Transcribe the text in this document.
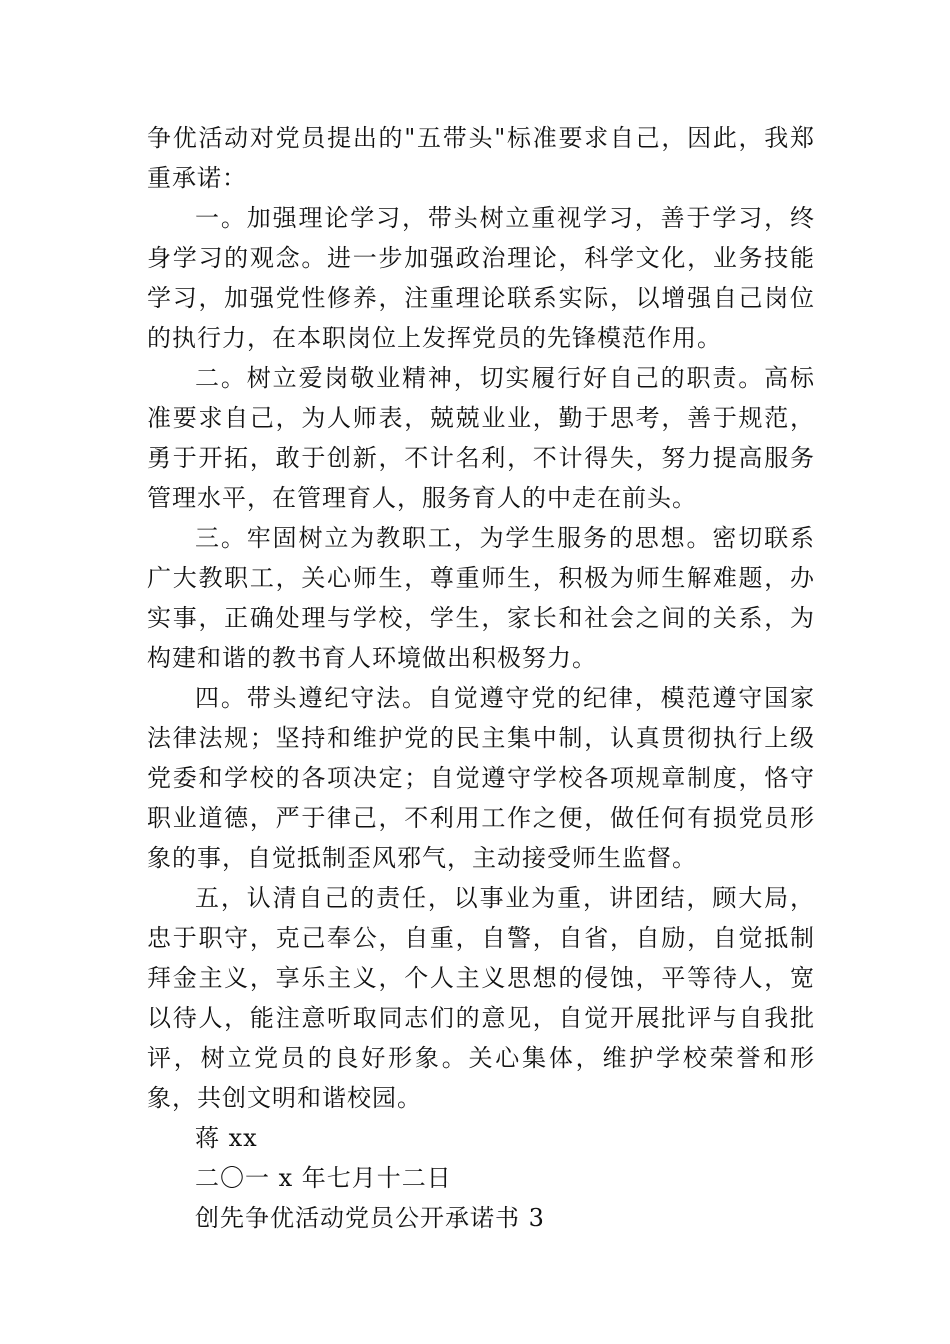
争优活动对党员提出的"五带头"标准要求自己，因此，我郑重承诺：

一。加强理论学习，带头树立重视学习，善于学习，终身学习的观念。进一步加强政治理论，科学文化，业务技能学习，加强党性修养，注重理论联系实际，以增强自己岗位的执行力，在本职岗位上发挥党员的先锋模范作用。

二。树立爱岗敬业精神，切实履行好自己的职责。高标准要求自己，为人师表，兢兢业业，勤于思考，善于规范，勇于开拓，敢于创新，不计名利，不计得失，努力提高服务管理水平，在管理育人，服务育人的中走在前头。

三。牢固树立为教职工，为学生服务的思想。密切联系广大教职工，关心师生，尊重师生，积极为师生解难题，办实事，正确处理与学校，学生，家长和社会之间的关系，为构建和谐的教书育人环境做出积极努力。

四。带头遵纪守法。自觉遵守党的纪律，模范遵守国家法律法规；坚持和维护党的民主集中制，认真贯彻执行上级党委和学校的各项决定；自觉遵守学校各项规章制度，恪守职业道德，严于律己，不利用工作之便，做任何有损党员形象的事，自觉抵制歪风邪气，主动接受师生监督。

五，认清自己的责任，以事业为重，讲团结，顾大局，忠于职守，克己奉公，自重，自警，自省，自励，自觉抵制拜金主义，享乐主义，个人主义思想的侵蚀，平等待人，宽以待人，能注意听取同志们的意见，自觉开展批评与自我批评，树立党员的良好形象。关心集体，维护学校荣誉和形象，共创文明和谐校园。

蒋 xx

二〇一 x 年七月十二日

创先争优活动党员公开承诺书 3
